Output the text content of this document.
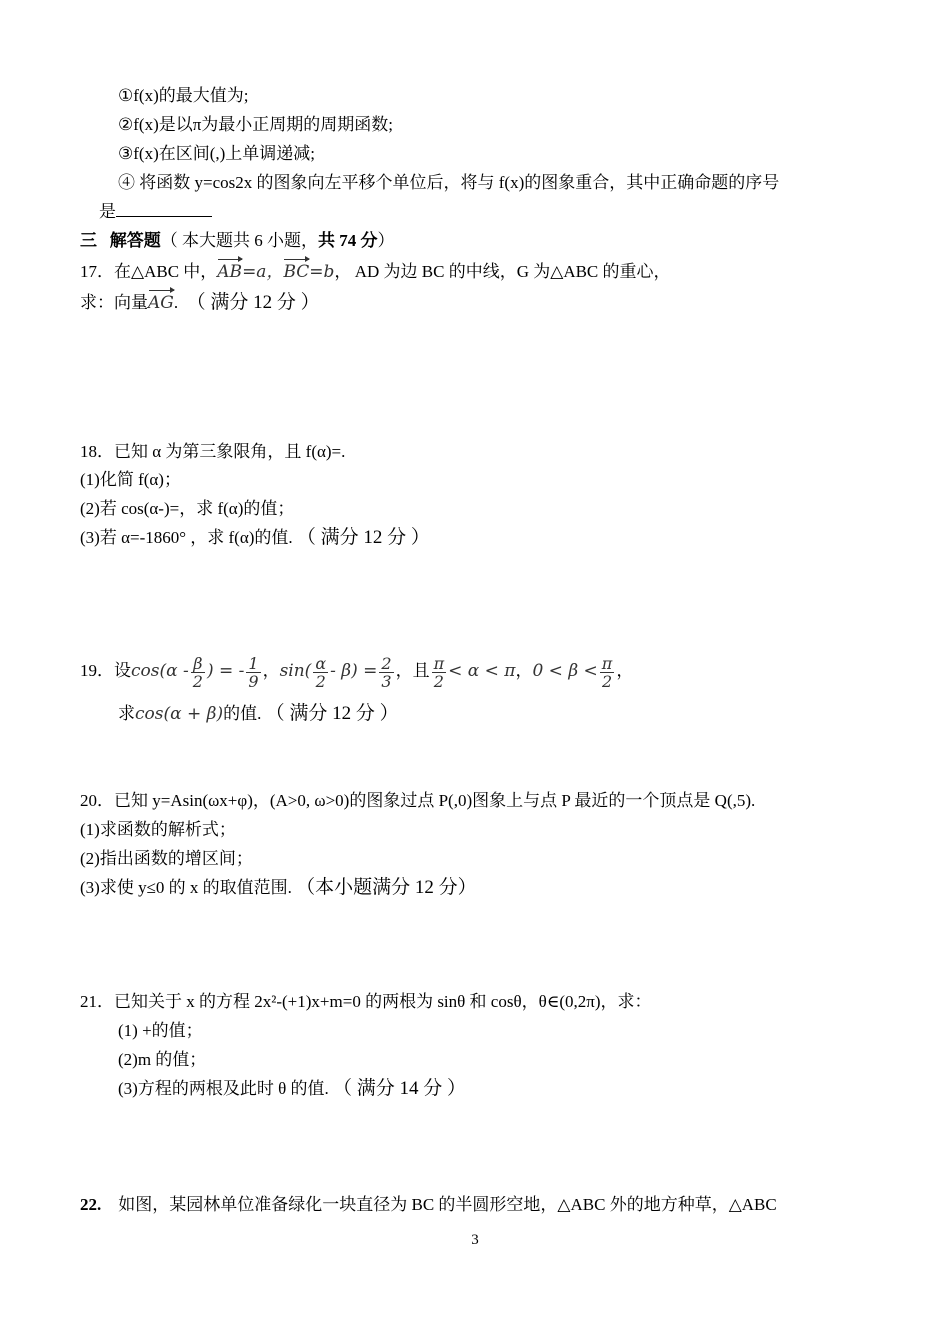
①f(x)的最大值为;
②f(x)是以π为最小正周期的周期函数;
③f(x)在区间(,)上单调递减;
④ 将函数 y=cos2x 的图象向左平移个单位后，将与 f(x)的图象重合，其中正确命题的序号
是
三 解答题（ 本大题共 6 小题，共 74 分）
17．在△ABC 中，AB=a，BC=b， AD 为边 BC 的中线，G 为△ABC 的重心，
求：向量AG. （ 满分 12 分 ）
18．已知 α 为第三象限角，且 f(α)=.
(1)化简 f(α)；
(2)若 cos(α-)=，求 f(α)的值；
(3)若 α=-1860° ，求 f(α)的值. （ 满分 12 分 ）
19．设$\cos(\alpha - \frac{\beta}{2}$ ) = - $\frac{1}{9}$ ，$\sin( \frac{\alpha}{2} - \beta) = \frac{2}{3}$ ，且 $\frac{\pi}{2} < \alpha < \pi$，$0 < \beta < \frac{\pi}{2}$ ，
求cos(α + β)的值. （ 满分 12 分 ）
20．已知 y=Asin(ωx+φ)，(A>0, ω>0)的图象过点 P(,0)图象上与点 P 最近的一个顶点是 Q(,5).
(1)求函数的解析式；
(2)指出函数的增区间；
(3)求使 y≤0 的 x 的取值范围. （本小题满分 12 分）
21．已知关于 x 的方程 2x²-(+1)x+m=0 的两根为 sinθ 和 cosθ，θ∈(0,2π)，求：
(1) +的值；
(2)m 的值；
(3)方程的两根及此时 θ 的值. （ 满分 14 分 ）
22. 如图，某园林单位准备绿化一块直径为 BC 的半圆形空地，△ABC 外的地方种草，△ABC
3
